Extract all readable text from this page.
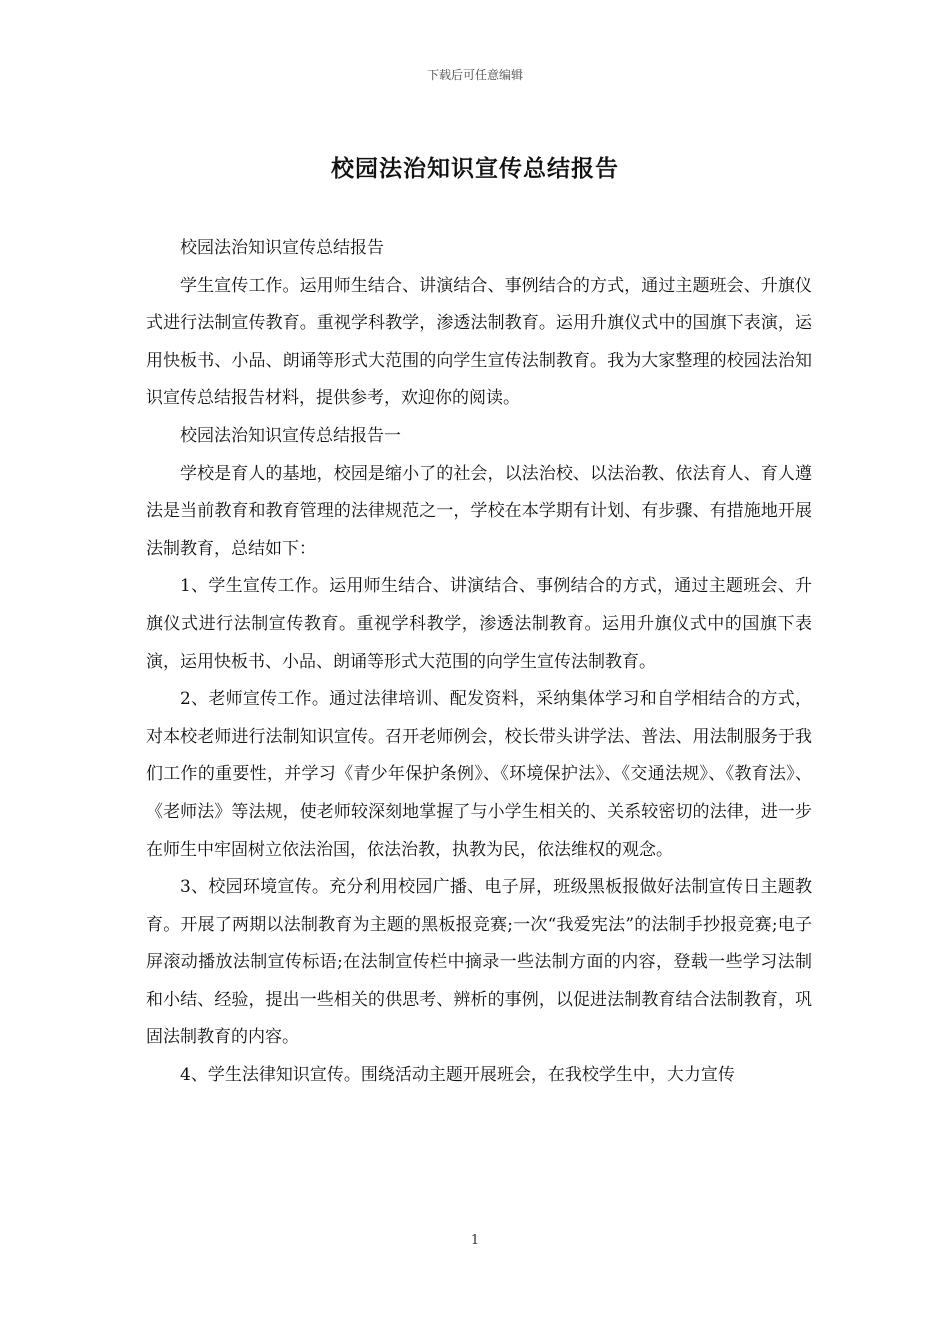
下载后可任意编辑
校园法治知识宣传总结报告

校园法治知识宣传总结报告

学生宣传工作。运用师生结合、讲演结合、事例结合的方式，通过主题班会、升旗仪式进行法制宣传教育。重视学科教学，渗透法制教育。运用升旗仪式中的国旗下表演，运用快板书、小品、朗诵等形式大范围的向学生宣传法制教育。我为大家整理的校园法治知识宣传总结报告材料，提供参考，欢迎你的阅读。

校园法治知识宣传总结报告一

学校是育人的基地，校园是缩小了的社会，以法治校、以法治教、依法育人、育人遵法是当前教育和教育管理的法律规范之一，学校在本学期有计划、有步骤、有措施地开展法制教育，总结如下：

1、学生宣传工作。运用师生结合、讲演结合、事例结合的方式，通过主题班会、升旗仪式进行法制宣传教育。重视学科教学，渗透法制教育。运用升旗仪式中的国旗下表演，运用快板书、小品、朗诵等形式大范围的向学生宣传法制教育。

2、老师宣传工作。通过法律培训、配发资料，采纳集体学习和自学相结合的方式，对本校老师进行法制知识宣传。召开老师例会，校长带头讲学法、普法、用法制服务于我们工作的重要性，并学习《青少年保护条例》、《环境保护法》、《交通法规》、《教育法》、《老师法》等法规，使老师较深刻地掌握了与小学生相关的、关系较密切的法律，进一步在师生中牢固树立依法治国，依法治教，执教为民，依法维权的观念。

3、校园环境宣传。充分利用校园广播、电子屏，班级黑板报做好法制宣传日主题教育。开展了两期以法制教育为主题的黑板报竞赛;一次“我爱宪法”的法制手抄报竞赛;电子屏滚动播放法制宣传标语;在法制宣传栏中摘录一些法制方面的内容，登载一些学习法制和小结、经验，提出一些相关的供思考、辨析的事例，以促进法制教育结合法制教育，巩固法制教育的内容。

4、学生法律知识宣传。围绕活动主题开展班会，在我校学生中，大力宣传

1
